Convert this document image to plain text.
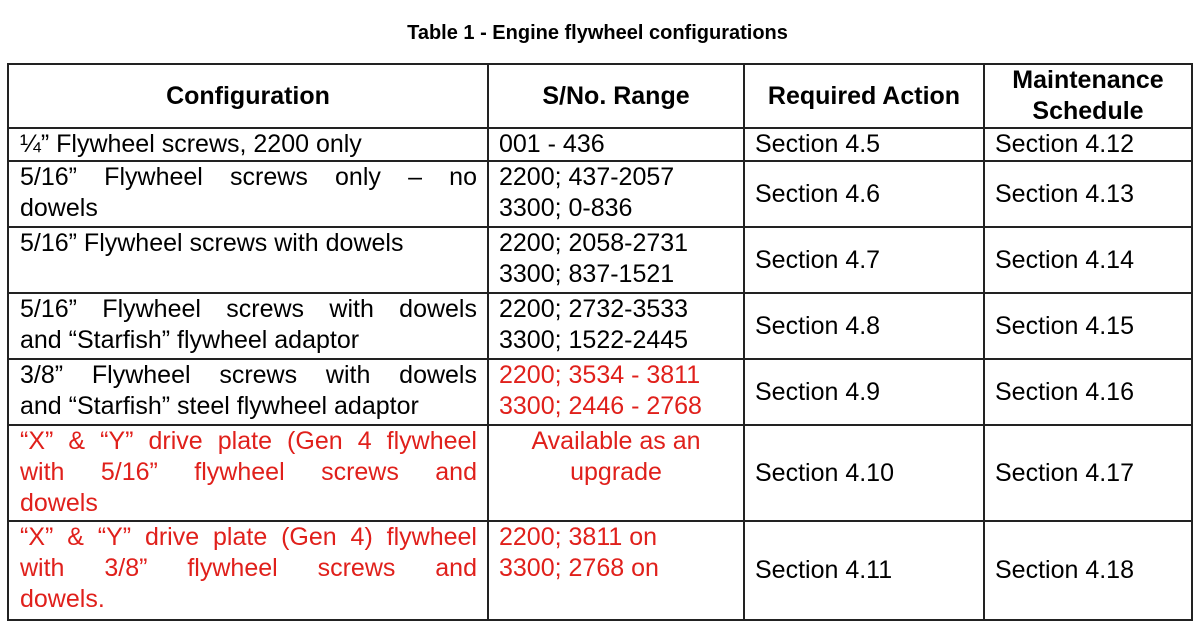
Table 1 - Engine flywheel configurations
Configuration	S/No. Range	Required Action	Maintenance
Schedule

¼” Flywheel screws, 2200 only	001 - 436	Section 4.5	Section 4.12

5/16” Flywheel screws only – no
dowels	2200; 437-2057
3300; 0-836	Section 4.6	Section 4.13

5/16” Flywheel screws with dowels	2200; 2058-2731
3300; 837-1521	Section 4.7	Section 4.14

5/16” Flywheel screws with dowels
and “Starfish” flywheel adaptor	2200; 2732-3533
3300; 1522-2445	Section 4.8	Section 4.15

3/8” Flywheel screws with dowels
and “Starfish” steel flywheel adaptor	2200; 3534 - 3811
3300; 2446 - 2768	Section 4.9	Section 4.16

“X” & “Y” drive plate (Gen 4 flywheel
with 5/16” flywheel screws and
dowels	Available as an
upgrade	Section 4.10	Section 4.17

“X” & “Y” drive plate (Gen 4) flywheel
with 3/8” flywheel screws and
dowels.	2200; 3811 on
3300; 2768 on	Section 4.11	Section 4.18
